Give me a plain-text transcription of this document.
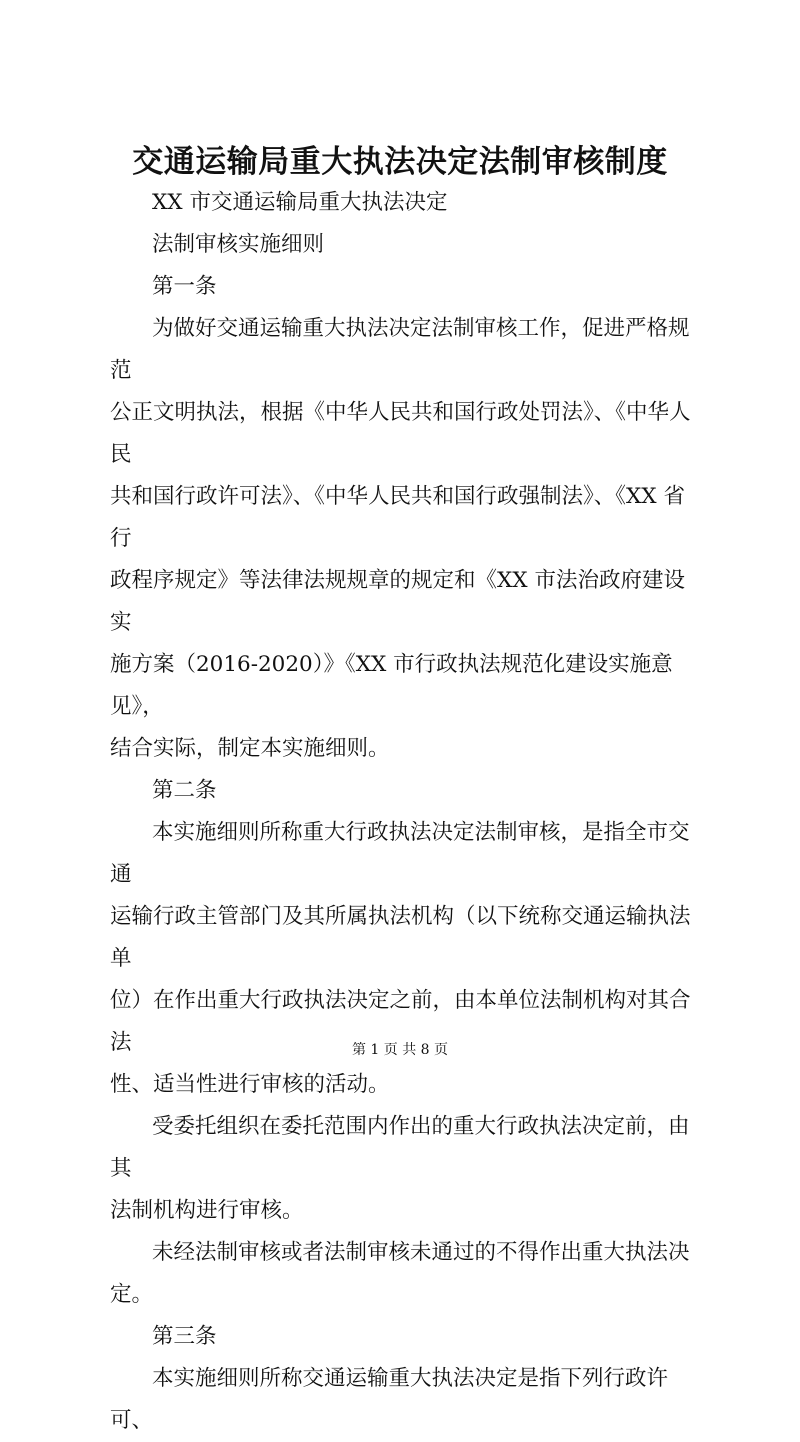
交通运输局重大执法决定法制审核制度

XX 市交通运输局重大执法决定

法制审核实施细则

第一条

为做好交通运输重大执法决定法制审核工作，促进严格规范

公正文明执法，根据《中华人民共和国行政处罚法》、《中华人民

共和国行政许可法》、《中华人民共和国行政强制法》、《XX 省行

政程序规定》等法律法规规章的规定和《XX 市法治政府建设实

施方案（2016-2020）》《XX 市行政执法规范化建设实施意见》，

结合实际，制定本实施细则。

第二条

本实施细则所称重大行政执法决定法制审核，是指全市交通

运输行政主管部门及其所属执法机构（以下统称交通运输执法单

位）在作出重大行政执法决定之前，由本单位法制机构对其合法

性、适当性进行审核的活动。

受委托组织在委托范围内作出的重大行政执法决定前，由其

法制机构进行审核。

未经法制审核或者法制审核未通过的不得作出重大执法决

定。

第三条

本实施细则所称交通运输重大执法决定是指下列行政许可、

第 1 页 共 8 页
